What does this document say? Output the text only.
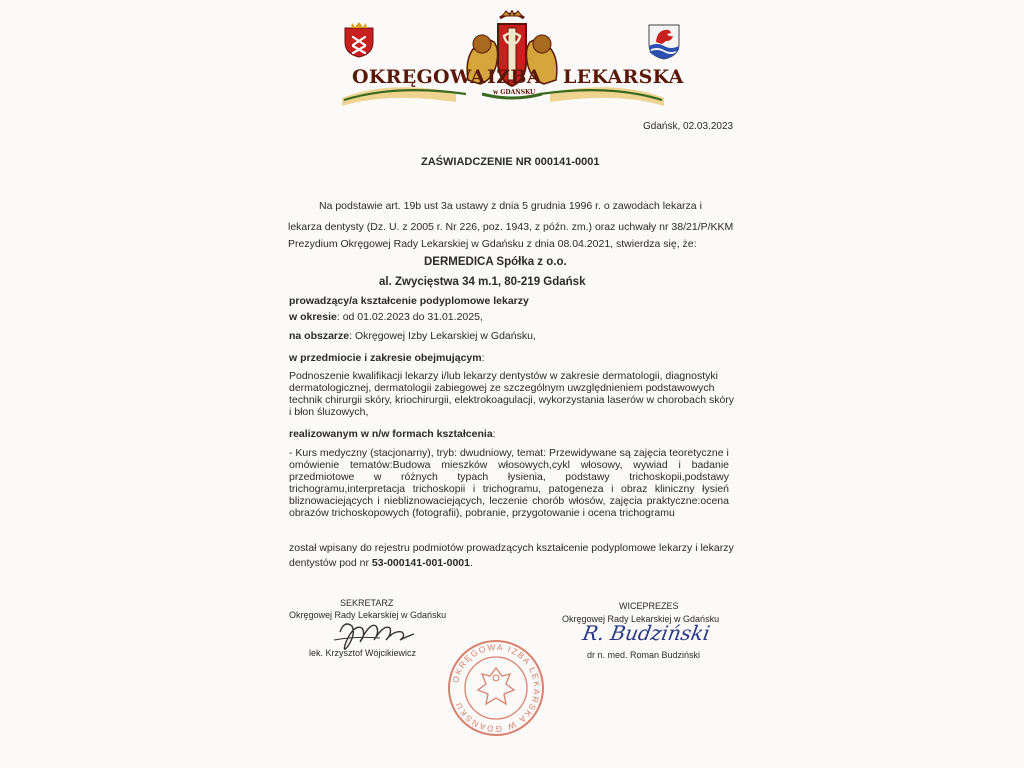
OKRĘGOWA IZBA LEKARSKA
w GDAŃSKU
Gdańsk, 02.03.2023
ZAŚWIADCZENIE NR 000141-0001
Na podstawie art. 19b ust 3a ustawy z dnia 5 grudnia 1996 r. o zawodach lekarza i
lekarza dentysty (Dz. U. z 2005 r. Nr 226, poz. 1943, z późn. zm.) oraz uchwały nr 38/21/P/KKM
Prezydium Okręgowej Rady Lekarskiej w Gdańsku z dnia 08.04.2021, stwierdza się, że:
DERMEDICA Spółka z o.o.
al. Zwycięstwa 34 m.1, 80-219 Gdańsk
prowadzący/a kształcenie podyplomowe lekarzy
w okresie: od 01.02.2023 do 31.01.2025,
na obszarze: Okręgowej Izby Lekarskiej w Gdańsku,
w przedmiocie i zakresie obejmującym:
Podnoszenie kwalifikacji lekarzy i/lub lekarzy dentystów w zakresie dermatologii, diagnostyki
dermatologicznej, dermatologii zabiegowej ze szczególnym uwzględnieniem podstawowych
technik chirurgii skóry, kriochirurgii, elektrokoagulacji, wykorzystania laserów w chorobach skóry
i błon śluzowych,
realizowanym w n/w formach kształcenia:
- Kurs medyczny (stacjonarny), tryb: dwudniowy, temat: Przewidywane są zajęcia teoretyczne i
omówienie tematów:Budowa mieszków włosowych,cykl włosowy, wywiad i badanie
przedmiotowe w różnych typach łysienia, podstawy trichoskopii,podstawy
trichogramu,interpretacja trichoskopii i trichogramu, patogeneza i obraz kliniczny łysień
bliznowaciejących i niebliznowaciejących, leczenie chorób włosów, zajęcia praktyczne:ocena
obrazów trichoskopowych (fotografii), pobranie, przygotowanie i ocena trichogramu
został wpisany do rejestru podmiotów prowadzących kształcenie podyplomowe lekarzy i lekarzy
dentystów pod nr 53-000141-001-0001.
SEKRETARZ
Okręgowej Rady Lekarskiej w Gdańsku
lek. Krzysztof Wójcikiewicz
WICEPREZES
Okręgowej Rady Lekarskiej w Gdańsku
R. Budziński
dr n. med. Roman Budziński
OKRĘGOWA IZBA LEKARSKA W GDAŃSKU
